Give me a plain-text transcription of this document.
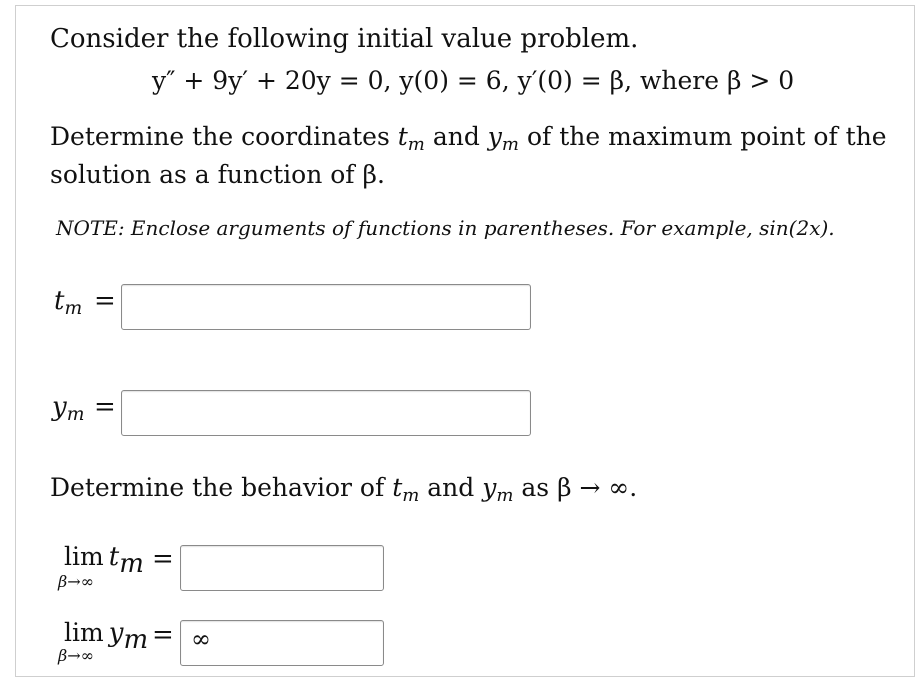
Consider the following initial value problem.
y″ + 9y′ + 20y = 0, y(0) = 6, y′(0) = β, where β > 0
Determine the coordinates $t_m$ and $y_m$ of the maximum point of the
solution as a function of β.
NOTE: Enclose arguments of functions in parentheses. For example, sin(2x).
$t_m$ =
$y_m$ =
Determine the behavior of $t_m$ and $y_m$ as β → ∞.
lim tm
β→∞
=
lim ym
β→∞
= ∞
